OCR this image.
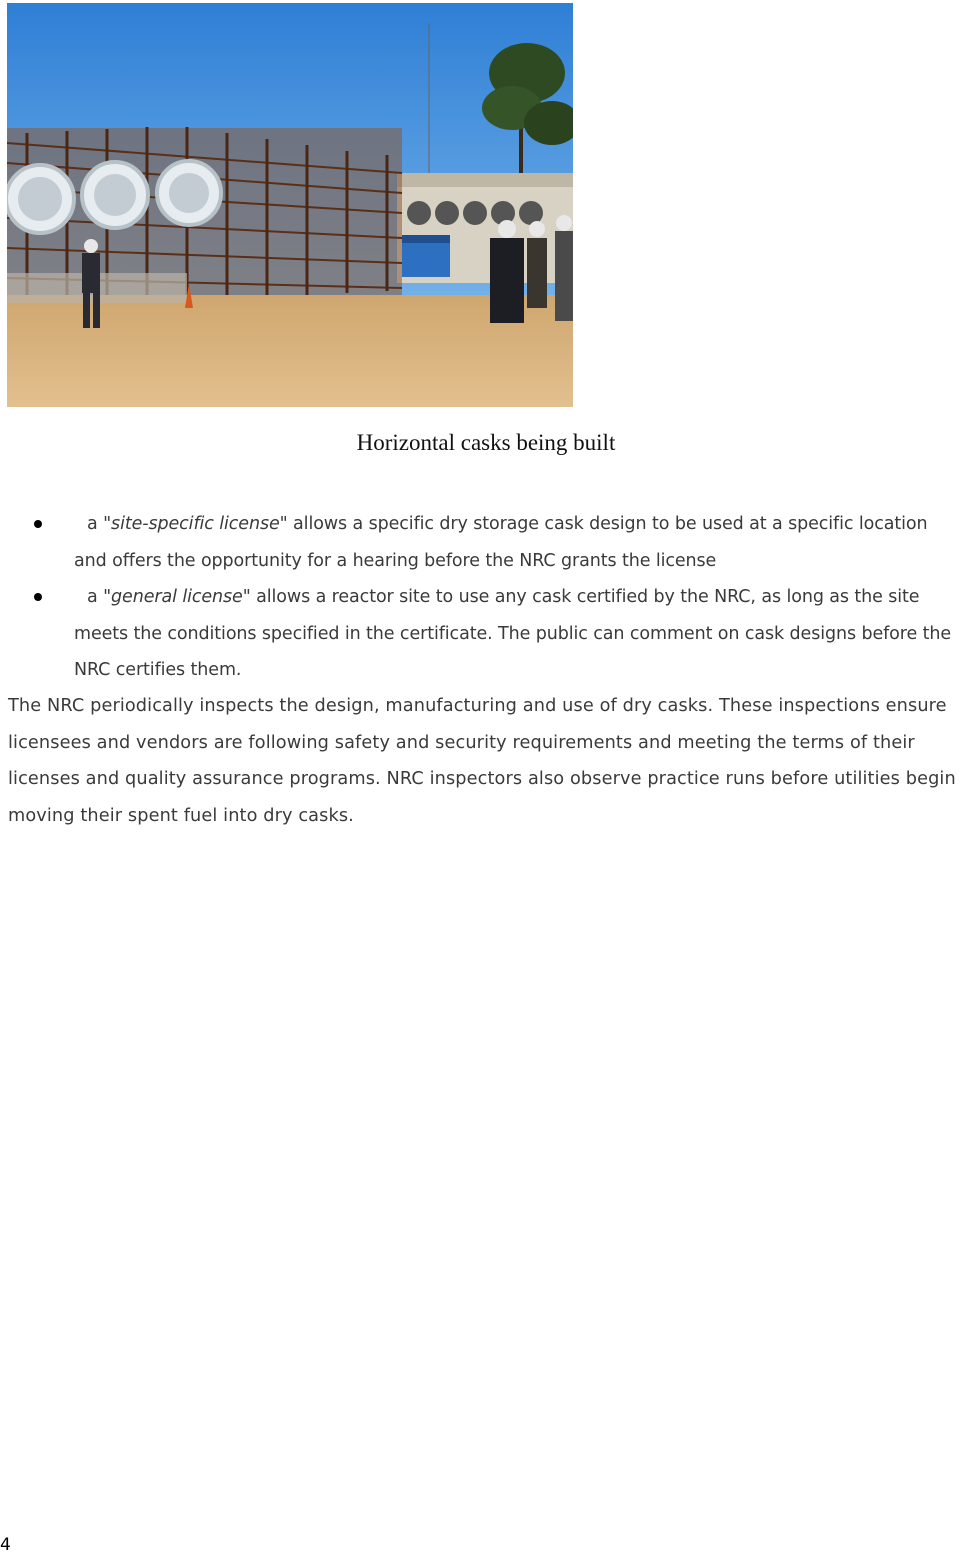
Horizontal casks being built
a "site-specific license" allows a specific dry storage cask design to be used at a specific location and offers the opportunity for a hearing before the NRC grants the license
a "general license" allows a reactor site to use any cask certified by the NRC, as long as the site meets the conditions specified in the certificate. The public can comment on cask designs before the NRC certifies them.
The NRC periodically inspects the design, manufacturing and use of dry casks. These inspections ensure licensees and vendors are following safety and security requirements and meeting the terms of their licenses and quality assurance programs. NRC inspectors also observe practice runs before utilities begin moving their spent fuel into dry casks.
4
